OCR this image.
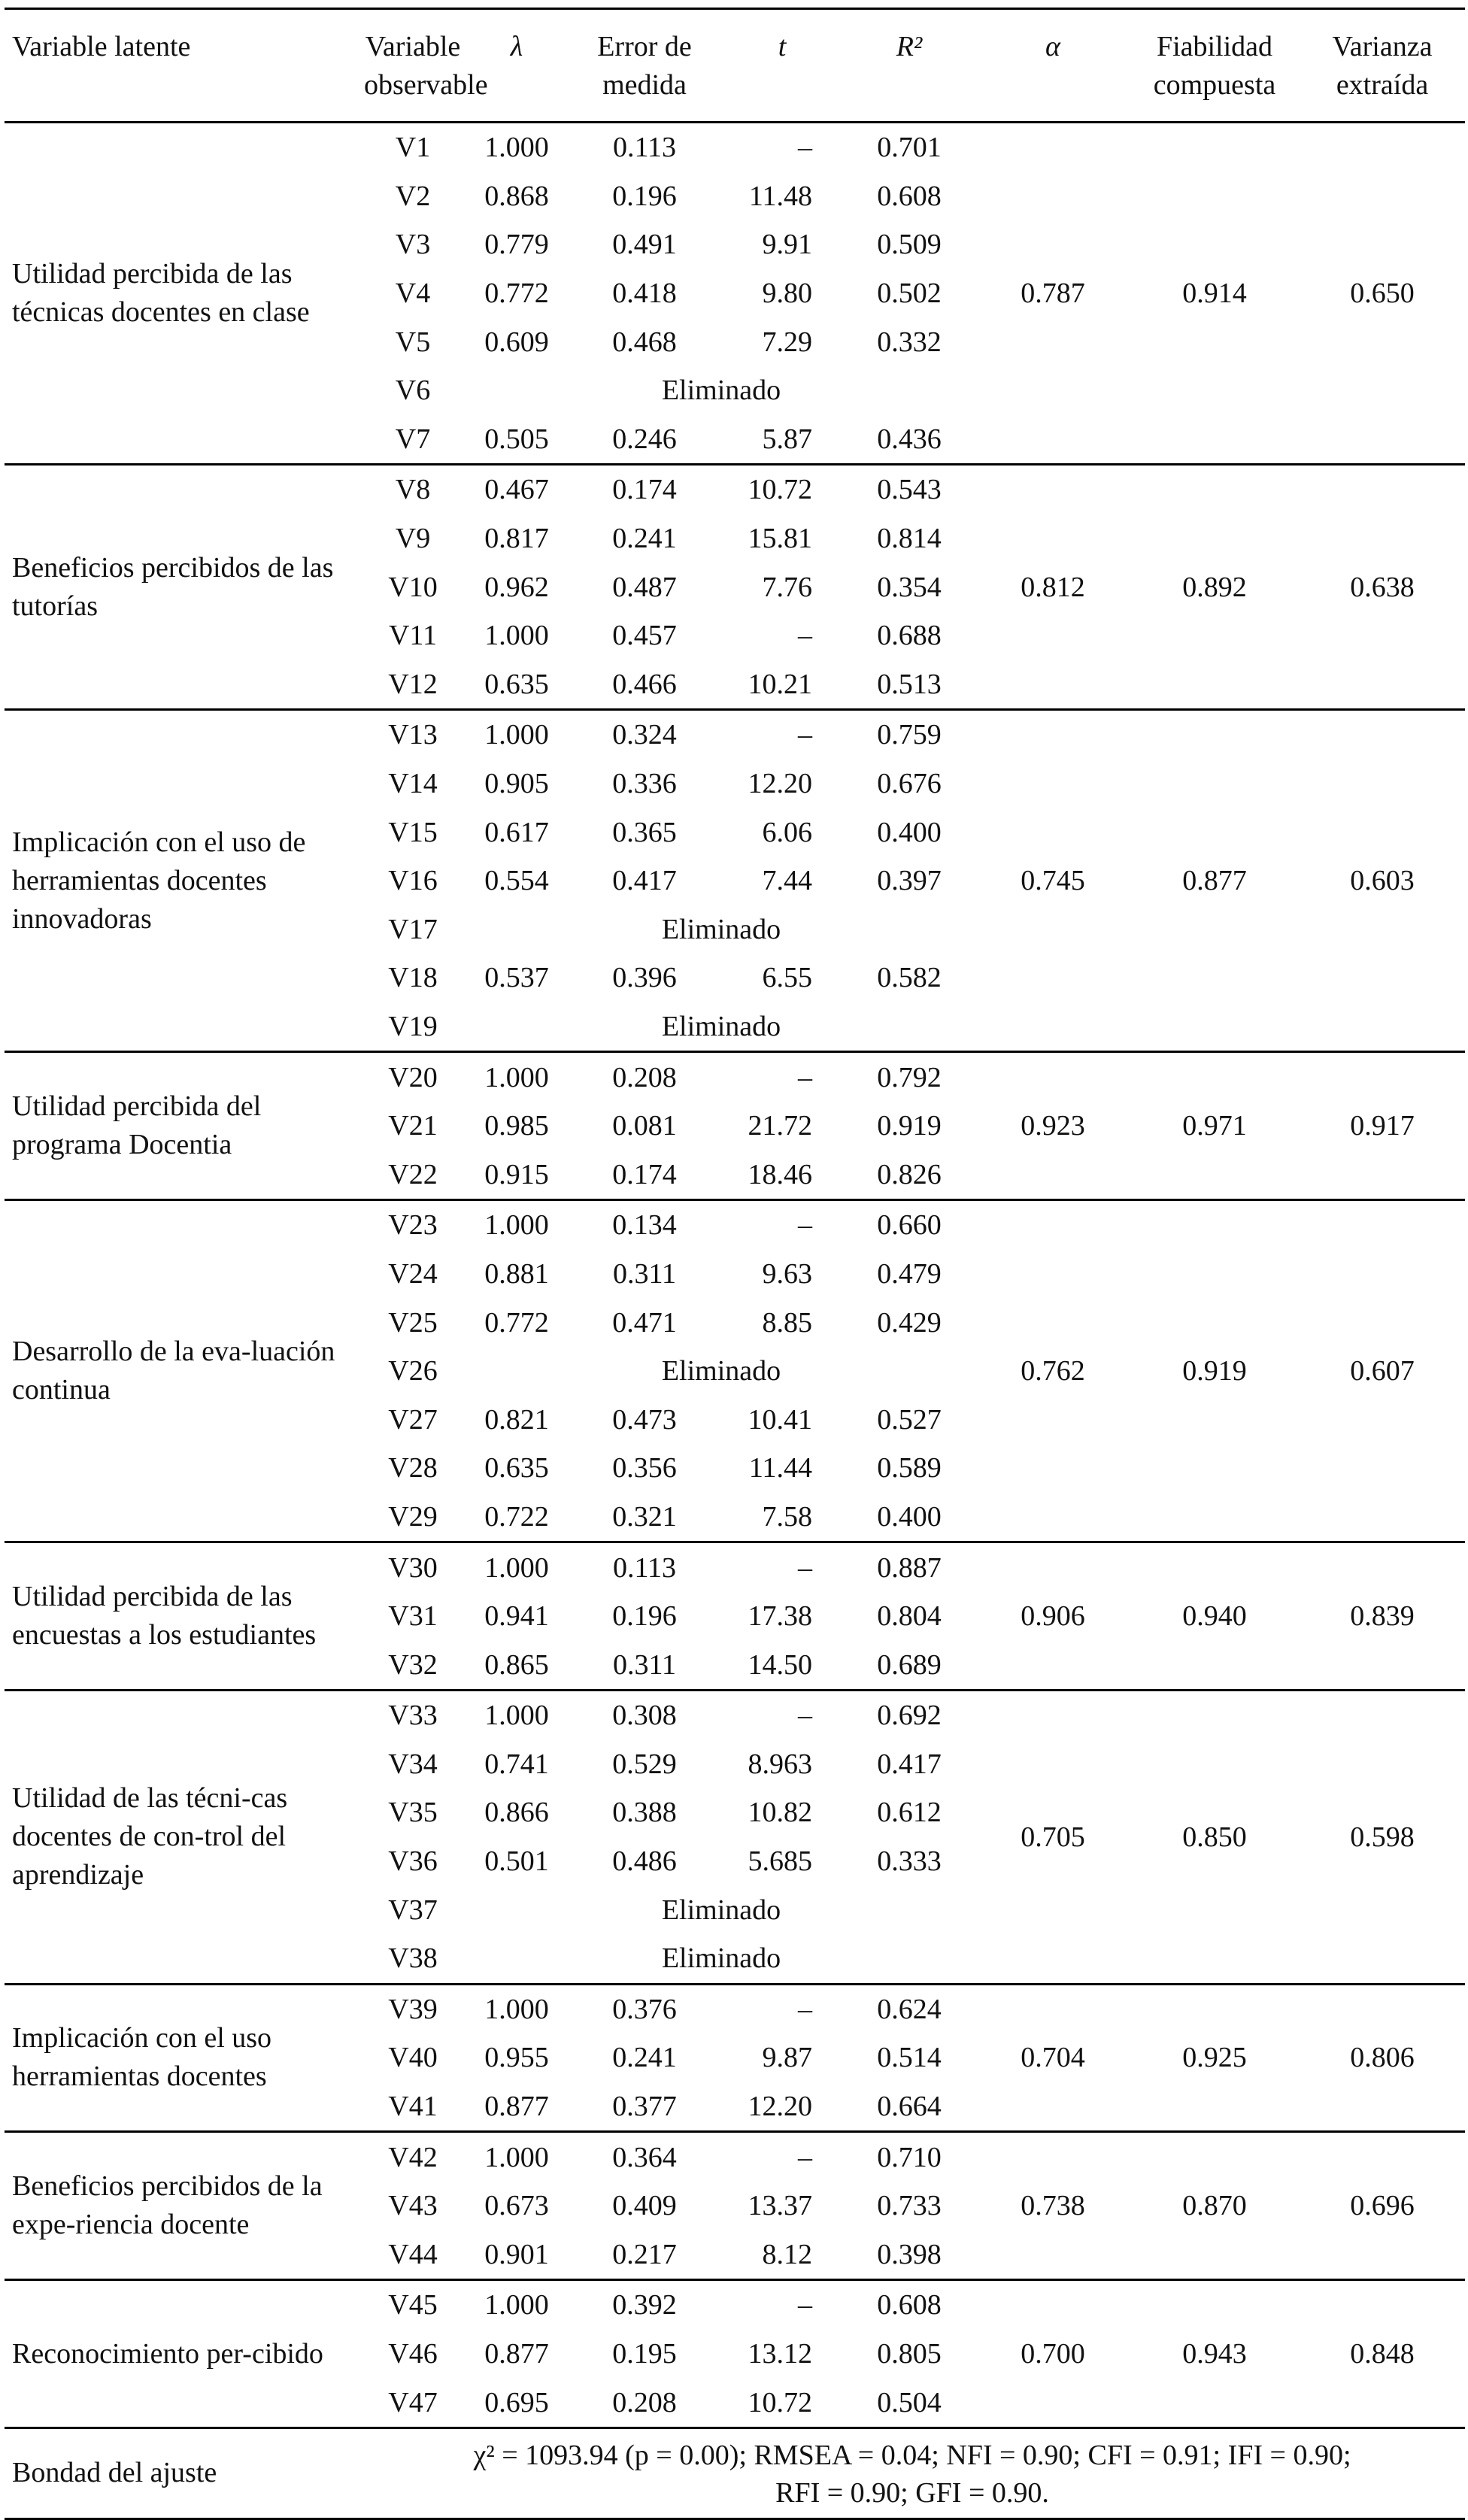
Variable latente	Variable observable	λ	Error de medida	t	R²	α	Fiabilidad compuesta	Varianza extraída
Utilidad percibida de las técnicas docentes en clase	V1	1.000	0.113	–	0.701	0.787	0.914	0.650
	V2	0.868	0.196	11.48	0.608			
	V3	0.779	0.491	9.91	0.509			
	V4	0.772	0.418	9.80	0.502			
	V5	0.609	0.468	7.29	0.332			
	V6	Eliminado						
	V7	0.505	0.246	5.87	0.436			
Beneficios percibidos de las tutorías	V8	0.467	0.174	10.72	0.543	0.812	0.892	0.638
	V9	0.817	0.241	15.81	0.814			
	V10	0.962	0.487	7.76	0.354			
	V11	1.000	0.457	–	0.688			
	V12	0.635	0.466	10.21	0.513			
Implicación con el uso de herramientas docentes innovadoras	V13	1.000	0.324	–	0.759	0.745	0.877	0.603
	V14	0.905	0.336	12.20	0.676			
	V15	0.617	0.365	6.06	0.400			
	V16	0.554	0.417	7.44	0.397			
	V17	Eliminado						
	V18	0.537	0.396	6.55	0.582			
	V19	Eliminado						
Utilidad percibida del programa Docentia	V20	1.000	0.208	–	0.792	0.923	0.971	0.917
	V21	0.985	0.081	21.72	0.919			
	V22	0.915	0.174	18.46	0.826			
Desarrollo de la eva-luación continua	V23	1.000	0.134	–	0.660	0.762	0.919	0.607
	V24	0.881	0.311	9.63	0.479			
	V25	0.772	0.471	8.85	0.429			
	V26	Eliminado						
	V27	0.821	0.473	10.41	0.527			
	V28	0.635	0.356	11.44	0.589			
	V29	0.722	0.321	7.58	0.400			
Utilidad percibida de las encuestas a los estudiantes	V30	1.000	0.113	–	0.887	0.906	0.940	0.839
	V31	0.941	0.196	17.38	0.804			
	V32	0.865	0.311	14.50	0.689			
Utilidad de las técni-cas docentes de con-trol del aprendizaje	V33	1.000	0.308	–	0.692	0.705	0.850	0.598
	V34	0.741	0.529	8.963	0.417			
	V35	0.866	0.388	10.82	0.612			
	V36	0.501	0.486	5.685	0.333			
	V37	Eliminado						
	V38	Eliminado						
Implicación con el uso herramientas docentes	V39	1.000	0.376	–	0.624	0.704	0.925	0.806
	V40	0.955	0.241	9.87	0.514			
	V41	0.877	0.377	12.20	0.664			
Beneficios percibidos de la expe-riencia docente	V42	1.000	0.364	–	0.710	0.738	0.870	0.696
	V43	0.673	0.409	13.37	0.733			
	V44	0.901	0.217	8.12	0.398			
Reconocimiento per-cibido	V45	1.000	0.392	–	0.608	0.700	0.943	0.848
	V46	0.877	0.195	13.12	0.805			
	V47	0.695	0.208	10.72	0.504			
Bondad del ajuste	χ² = 1093.94 (p = 0.00); RMSEA = 0.04; NFI = 0.90; CFI = 0.91; IFI = 0.90;
RFI = 0.90; GFI = 0.90.							
